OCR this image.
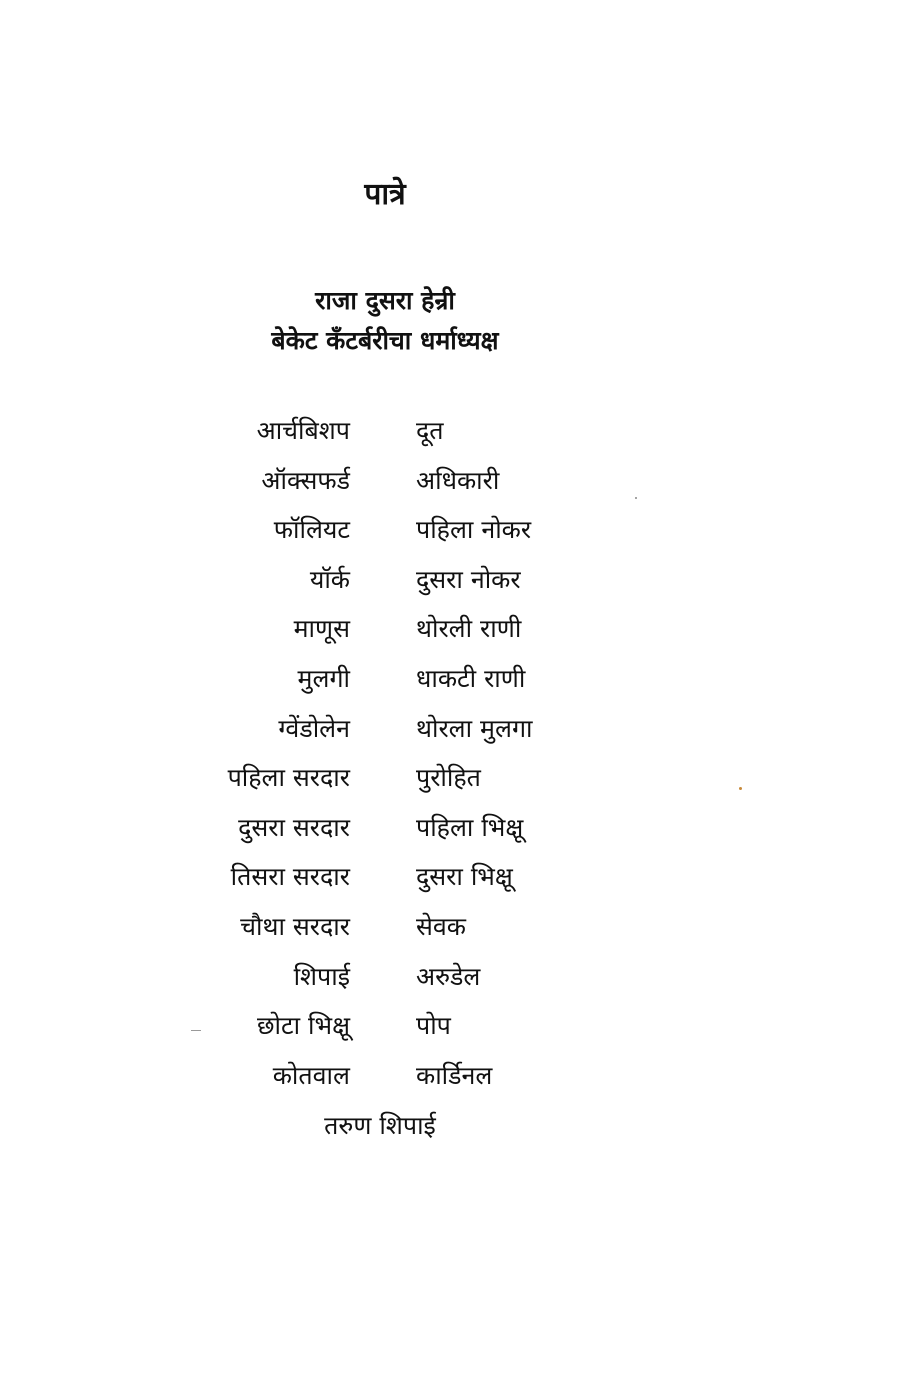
पात्रे
राजा दुसरा हेन्री
बेकेट कँटर्बरीचा धर्माध्यक्ष
आर्चबिशप	दूत
ऑक्सफर्ड	अधिकारी
फॉलियट	पहिला नोकर
यॉर्क	दुसरा नोकर
माणूस	थोरली राणी
मुलगी	धाकटी राणी
ग्वेंडोलेन	थोरला मुलगा
पहिला सरदार	पुरोहित
दुसरा सरदार	पहिला भिक्षू
तिसरा सरदार	दुसरा भिक्षू
चौथा सरदार	सेवक
शिपाई	अरुडेल
छोटा भिक्षू	पोप
कोतवाल	कार्डिनल
तरुण शिपाई
